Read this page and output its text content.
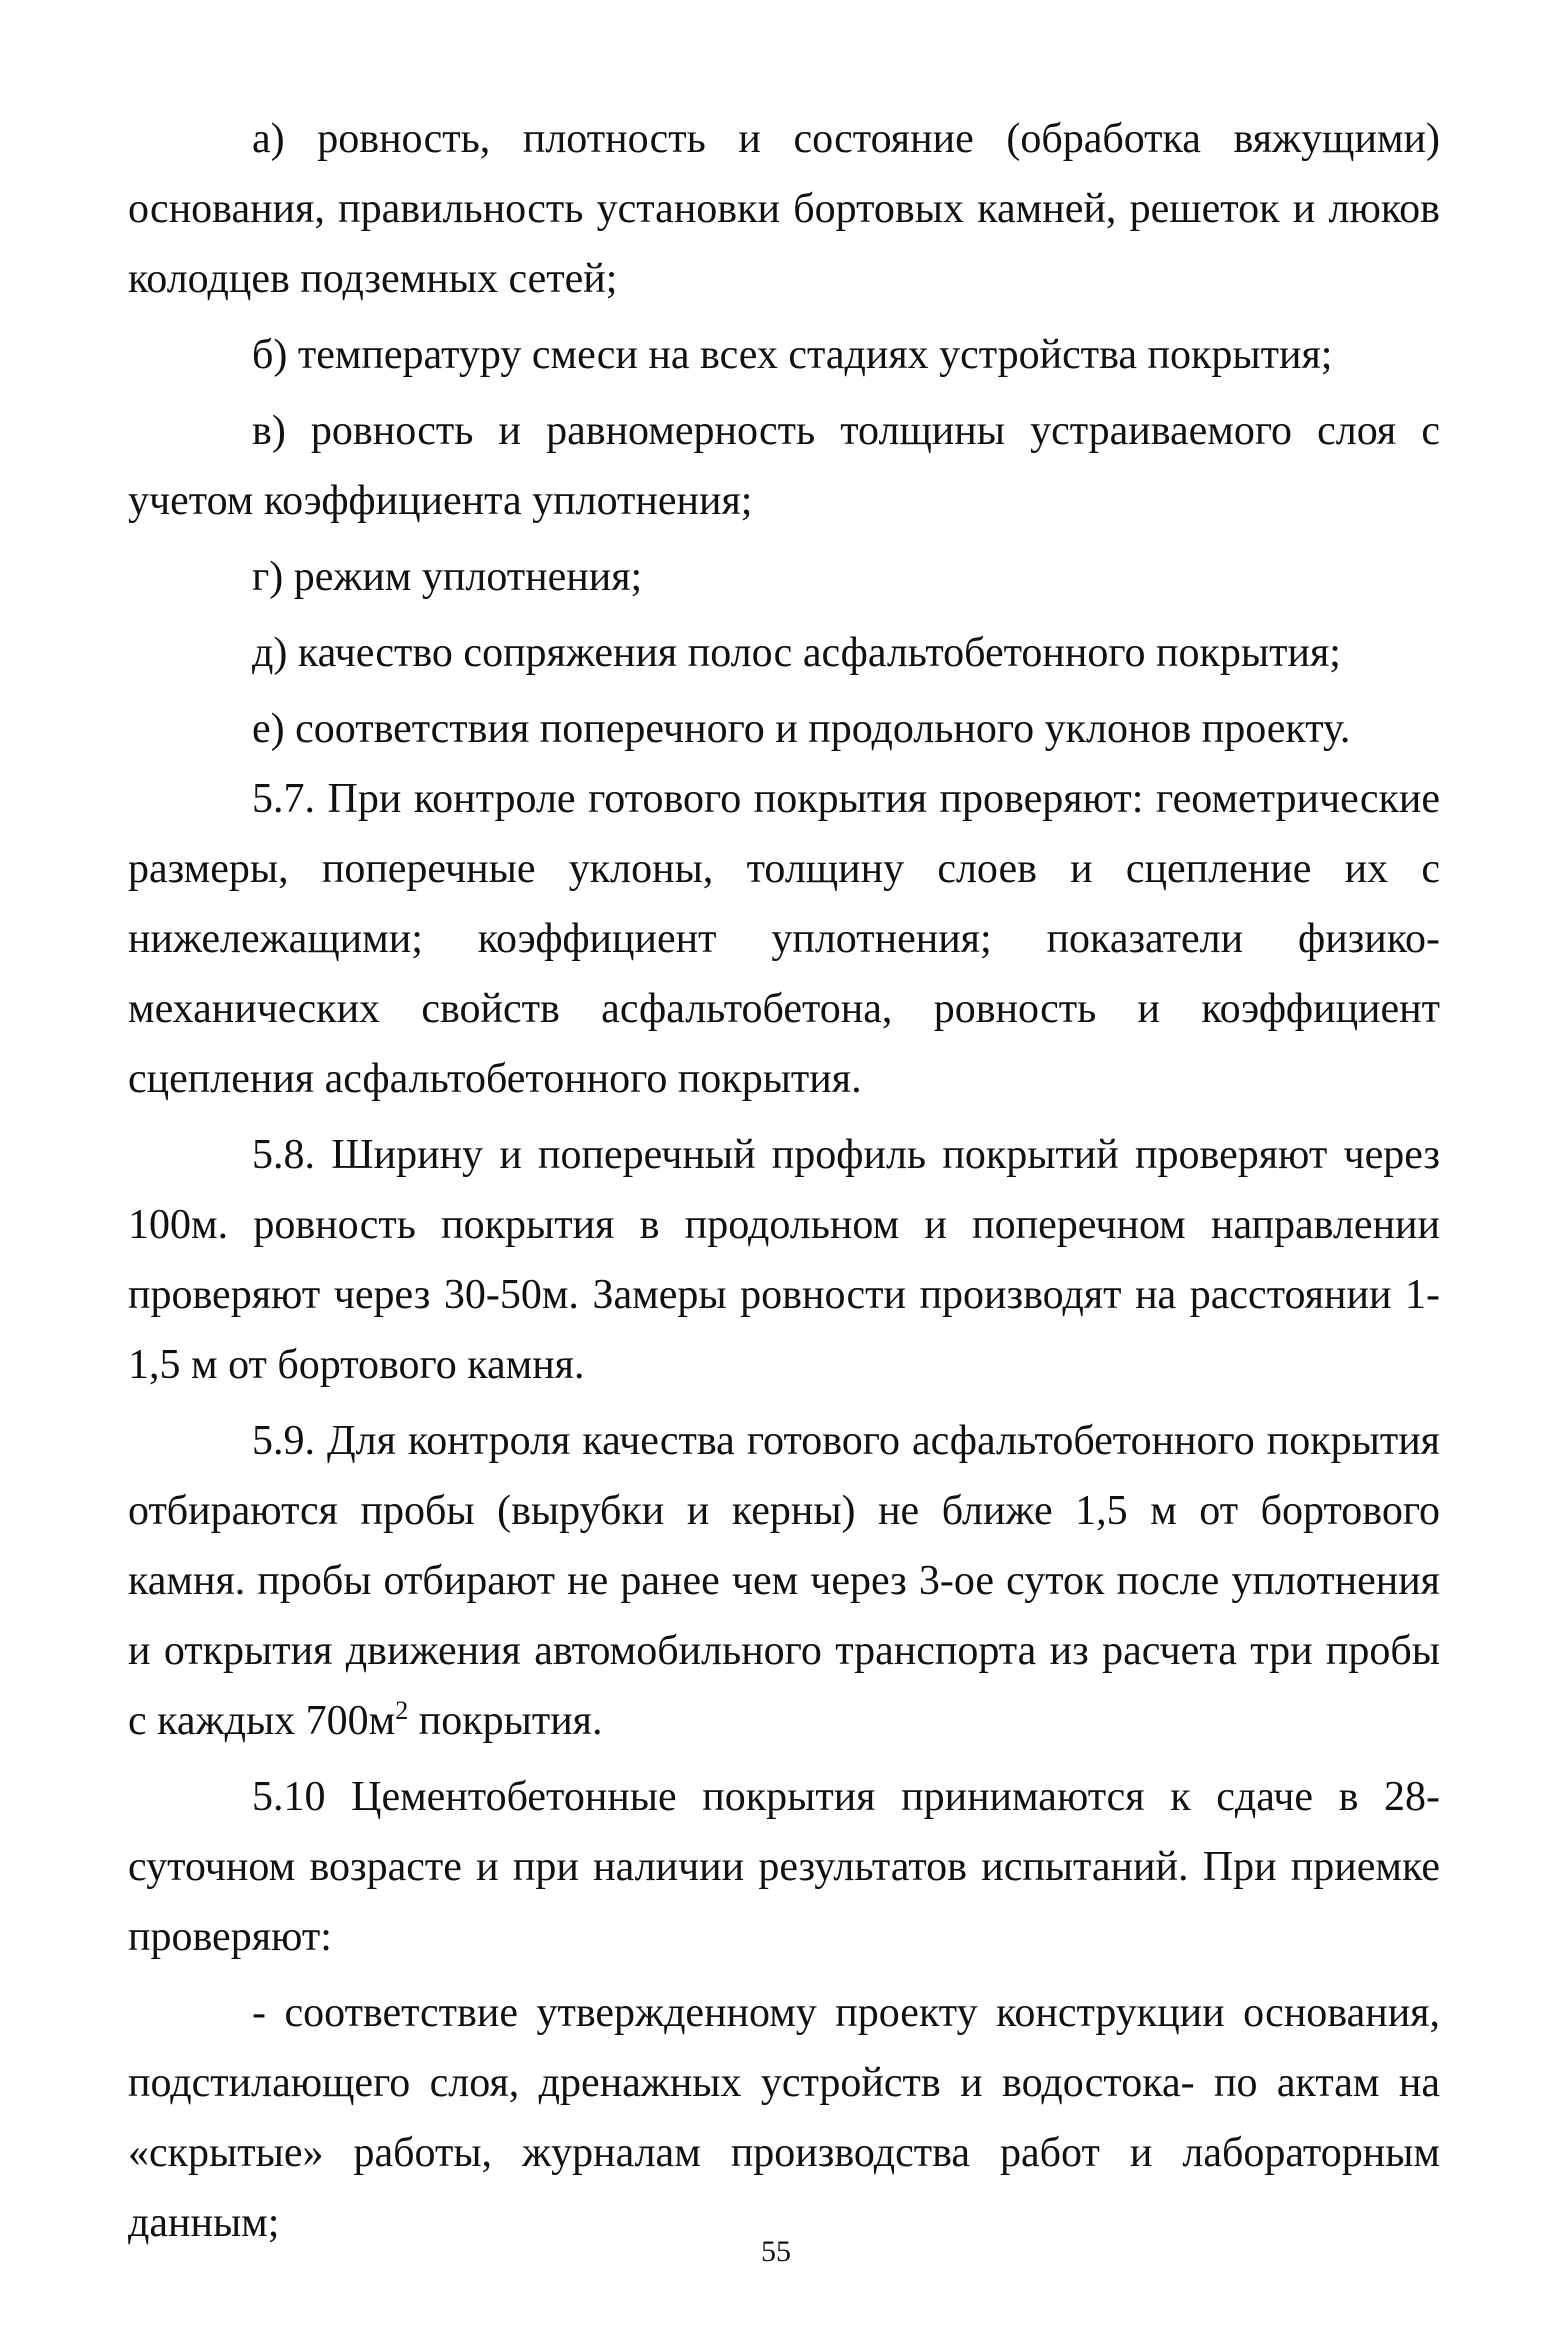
а) ровность, плотность и состояние (обработка вяжущими) основания, правильность установки бортовых камней, решеток и люков колодцев подземных сетей;

б) температуру смеси на всех стадиях устройства покрытия;

в) ровность и равномерность толщины устраиваемого слоя с учетом коэффициента уплотнения;

г) режим уплотнения;

д) качество сопряжения полос асфальтобетонного покрытия;

е) соответствия поперечного и продольного уклонов проекту.

5.7. При контроле готового покрытия проверяют: геометрические размеры, поперечные уклоны, толщину слоев и сцепление их с нижележащими; коэффициент уплотнения; показатели физико-механических свойств асфальтобетона, ровность и коэффициент сцепления асфальтобетонного покрытия.

5.8. Ширину и поперечный профиль покрытий проверяют через 100м. ровность покрытия в продольном и поперечном направлении проверяют через 30-50м. Замеры ровности производят на расстоянии 1-1,5 м от бортового камня.

5.9. Для контроля качества готового асфальтобетонного покрытия отбираются пробы (вырубки и керны) не ближе 1,5 м от бортового камня. пробы отбирают не ранее чем через 3-ое суток после уплотнения и открытия движения автомобильного транспорта из расчета три пробы с каждых $700м^2$ покрытия.

5.10 Цементобетонные покрытия принимаются к сдаче в 28-суточном возрасте и при наличии результатов испытаний. При приемке проверяют:

- соответствие утвержденному проекту конструкции основания, подстилающего слоя, дренажных устройств и водостока- по актам на «скрытые» работы, журналам производства работ и лабораторным данным;

55
